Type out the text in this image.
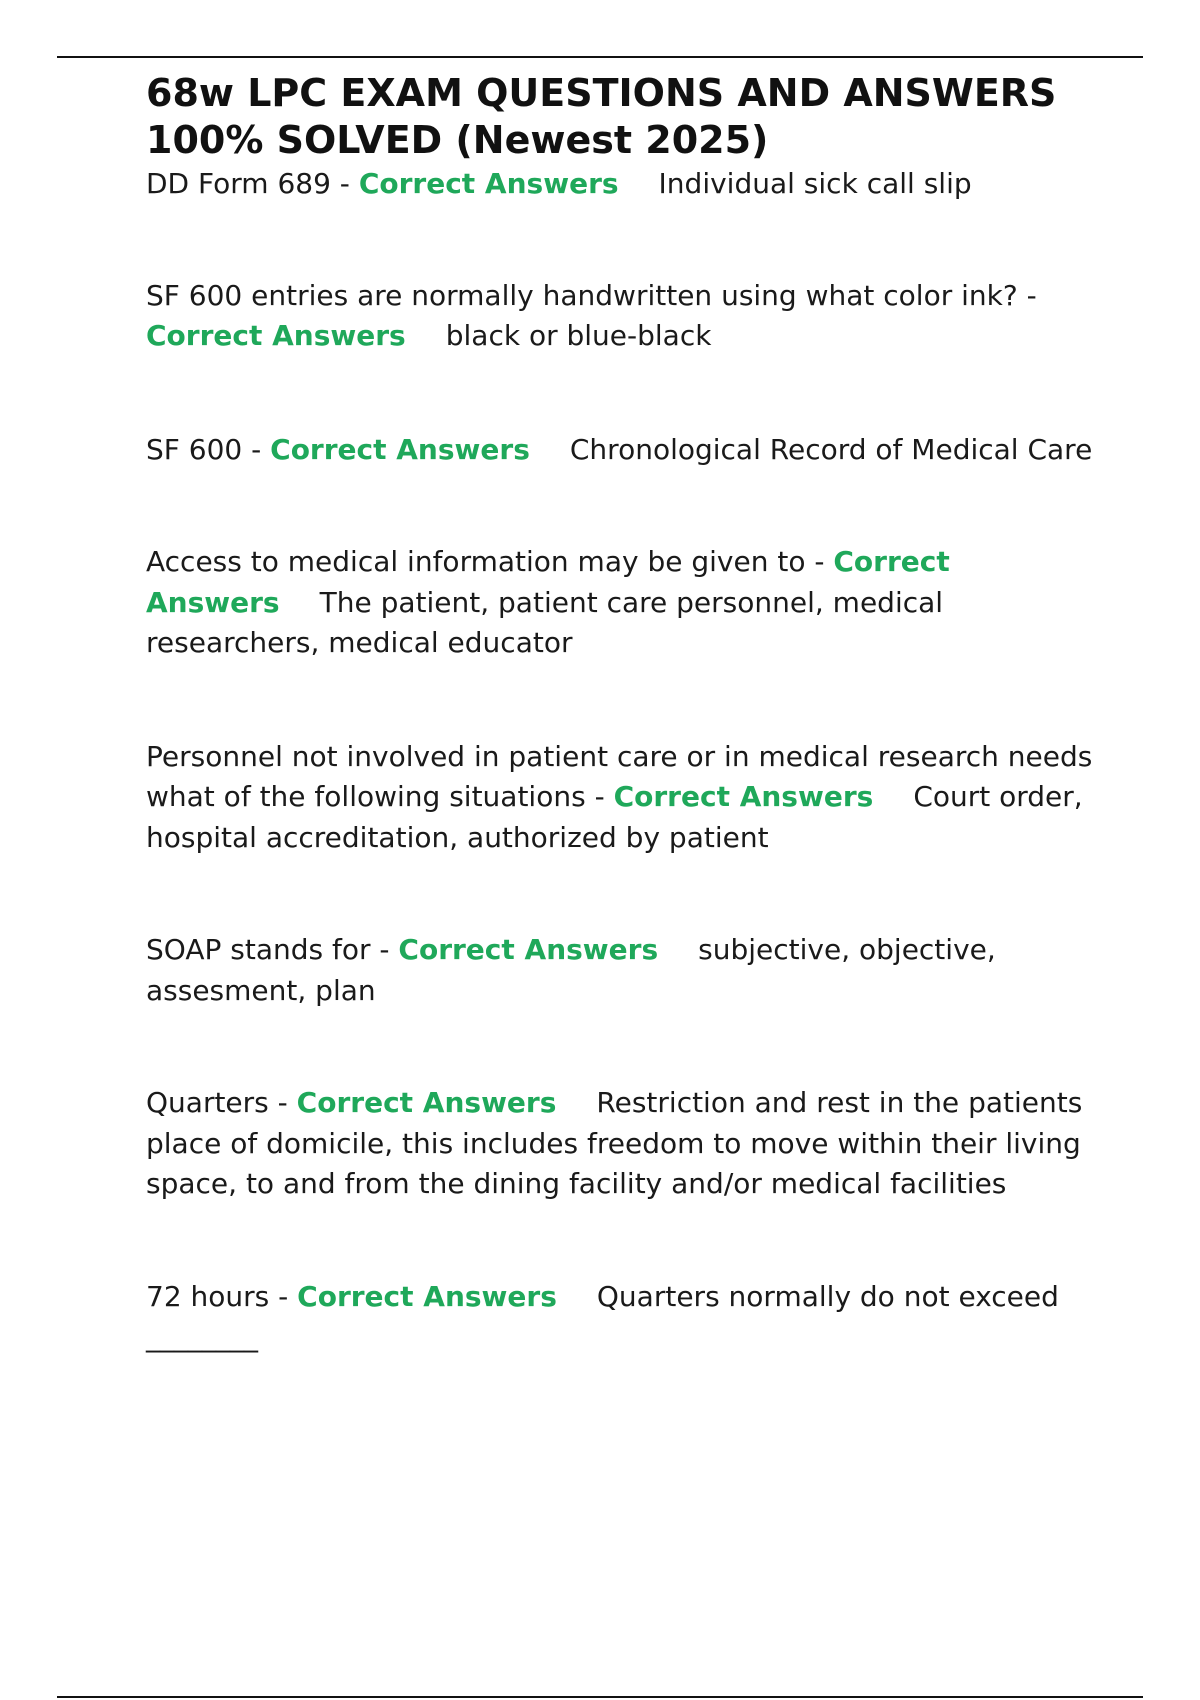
68w LPC EXAM QUESTIONS AND ANSWERS 100% SOLVED (Newest 2025)

DD Form 689 - Correct Answers Individual sick call slip

SF 600 entries are normally handwritten using what color ink? - Correct Answers black or blue-black

SF 600 - Correct Answers Chronological Record of Medical Care

Access to medical information may be given to - Correct Answers The patient, patient care personnel, medical researchers, medical educator

Personnel not involved in patient care or in medical research needs what of the following situations - Correct Answers Court order, hospital accreditation, authorized by patient

SOAP stands for - Correct Answers subjective, objective, assesment, plan

Quarters - Correct Answers Restriction and rest in the patients place of domicile, this includes freedom to move within their living space, to and from the dining facility and/or medical facilities

72 hours - Correct Answers Quarters normally do not exceed ________
